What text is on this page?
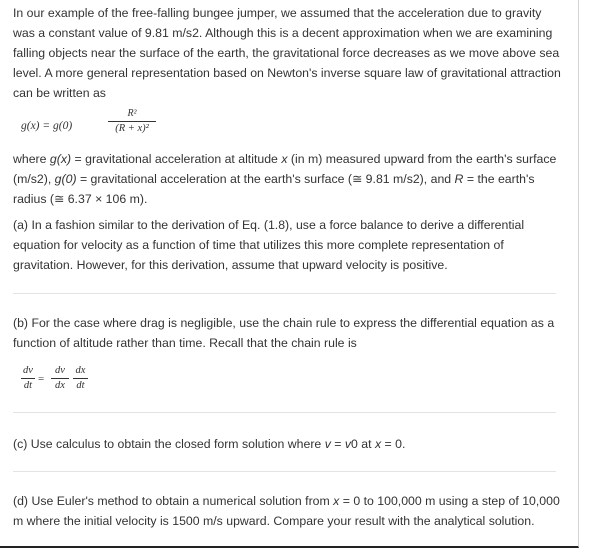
In our example of the free-falling bungee jumper, we assumed that the acceleration due to gravity was a constant value of 9.81 m/s2. Although this is a decent approximation when we are examining falling objects near the surface of the earth, the gravitational force decreases as we move above sea level. A more general representation based on Newton's inverse square law of gravitational attraction can be written as

g(x) = g(0)
R²
(R + x)²

where g(x) = gravitational acceleration at altitude x (in m) measured upward from the earth's surface (m/s2), g(0) = gravitational acceleration at the earth's surface (≅ 9.81 m/s2), and R = the earth's radius (≅ 6.37 × 106 m).

(a) In a fashion similar to the derivation of Eq. (1.8), use a force balance to derive a differential equation for velocity as a function of time that utilizes this more complete representation of gravitation. However, for this derivation, assume that upward velocity is positive.

(b) For the case where drag is negligible, use the chain rule to express the differential equation as a function of altitude rather than time. Recall that the chain rule is

dv
dt
=
dv
dx
dx
dt

(c) Use calculus to obtain the closed form solution where v = v0 at x = 0.

(d) Use Euler's method to obtain a numerical solution from x = 0 to 100,000 m using a step of 10,000 m where the initial velocity is 1500 m/s upward. Compare your result with the analytical solution.
